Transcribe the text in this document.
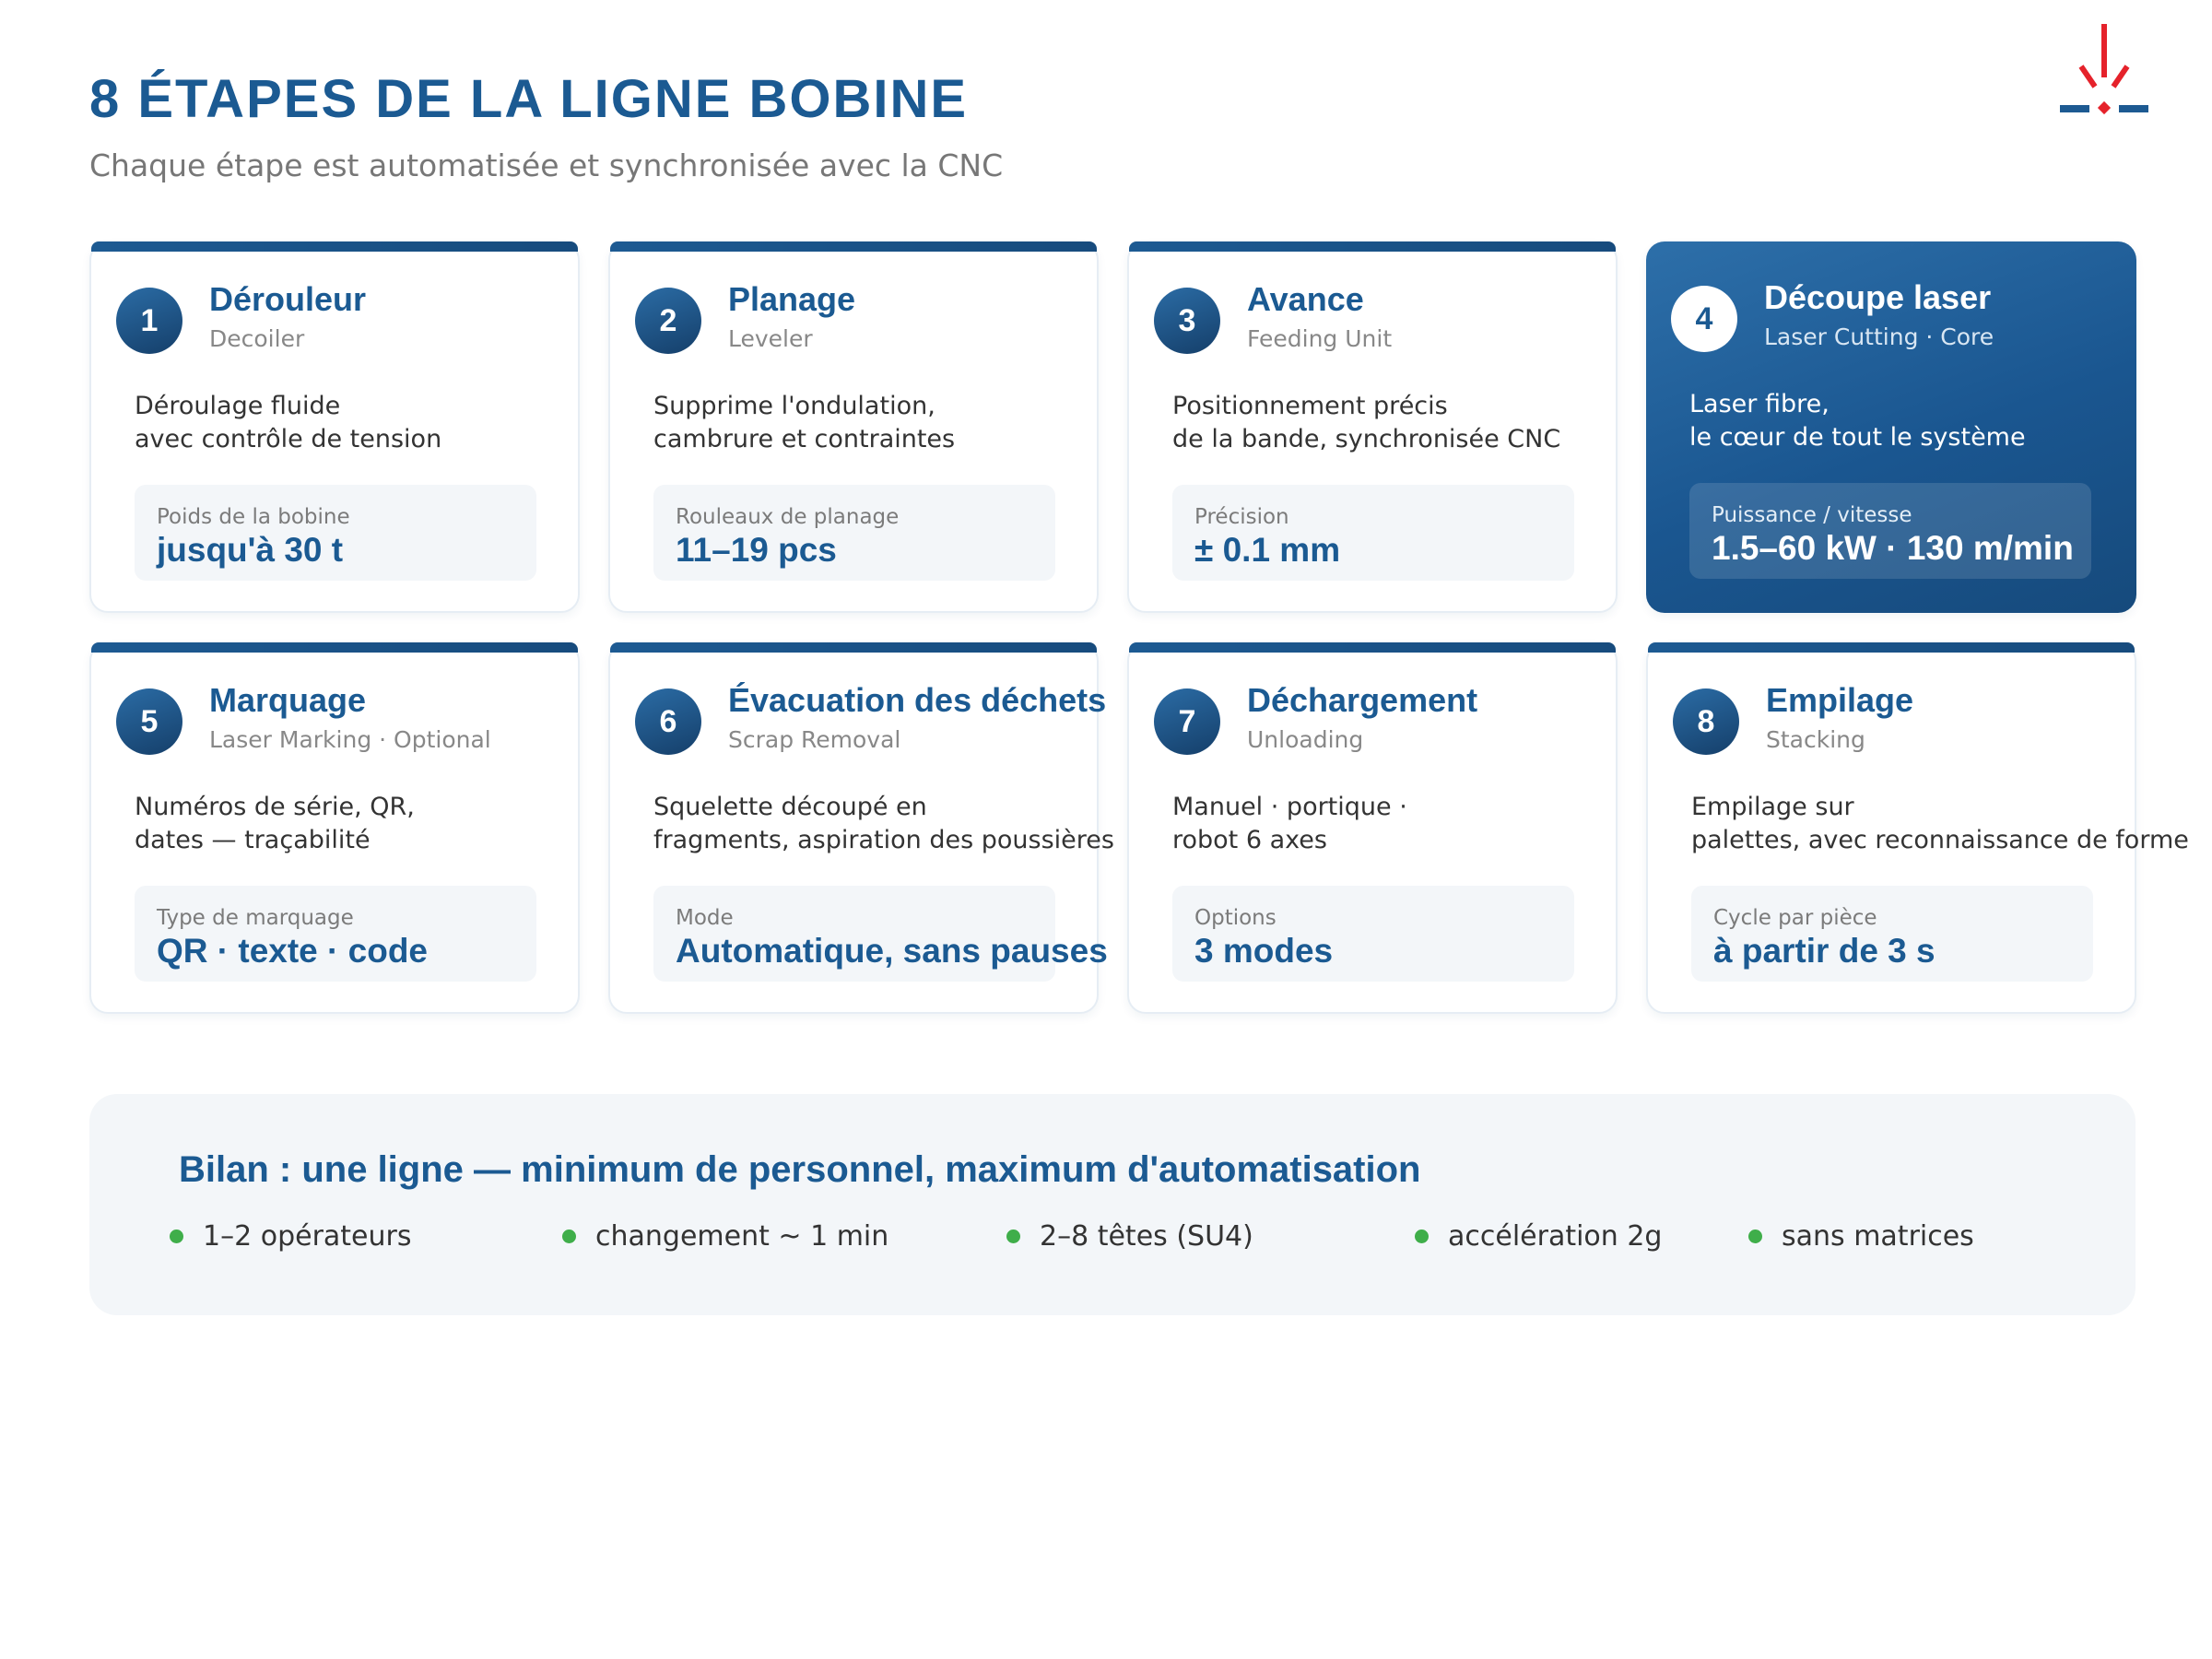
8 ÉTAPES DE LA LIGNE BOBINE
Chaque étape est automatisée et synchronisée avec la CNC
1
Dérouleur
Decoiler
Déroulage fluide
avec contrôle de tension
Poids de la bobine
jusqu'à 30 t
2
Planage
Leveler
Supprime l'ondulation,
cambrure et contraintes
Rouleaux de planage
11–19 pcs
3
Avance
Feeding Unit
Positionnement précis
de la bande, synchronisée CNC
Précision
± 0.1 mm
4
Découpe laser
Laser Cutting · Core
Laser fibre,
le cœur de tout le système
Puissance / vitesse
1.5–60 kW · 130 m/min
5
Marquage
Laser Marking · Optional
Numéros de série, QR,
dates — traçabilité
Type de marquage
QR · texte · code
6
Évacuation des déchets
Scrap Removal
Squelette découpé en
fragments, aspiration des poussières
Mode
Automatique, sans pauses
7
Déchargement
Unloading
Manuel · portique ·
robot 6 axes
Options
3 modes
8
Empilage
Stacking
Empilage sur
palettes, avec reconnaissance de forme
Cycle par pièce
à partir de 3 s
Bilan : une ligne — minimum de personnel, maximum d'automatisation
1–2 opérateurs	changement ~ 1 min	2–8 têtes (SU4)	accélération 2g	sans matrices
